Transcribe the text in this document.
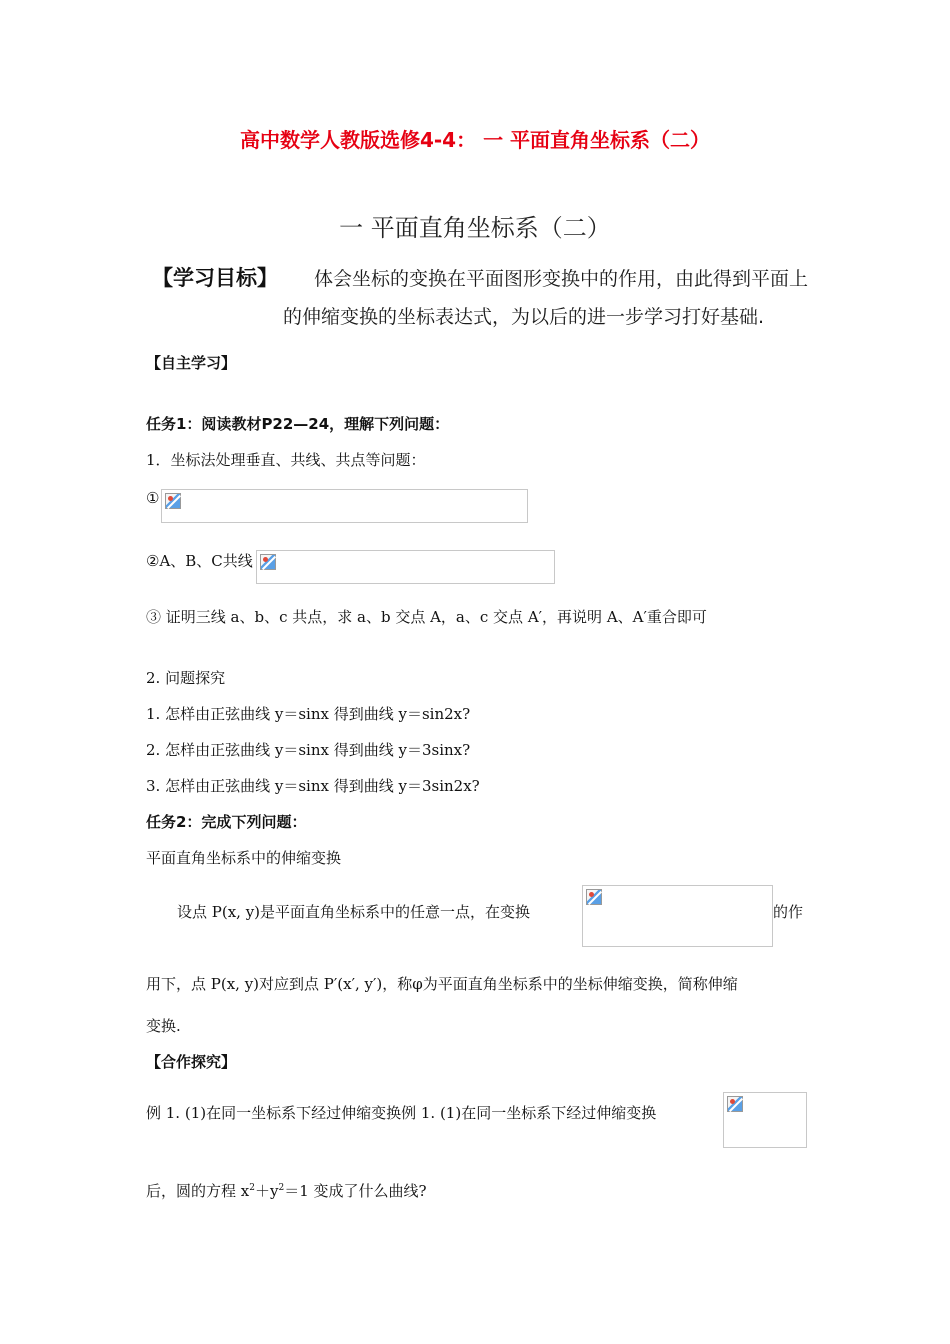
高中数学人教版选修4-4： 一 平面直角坐标系（二）
一 平面直角坐标系（二）
【学习目标】 体会坐标的变换在平面图形变换中的作用，由此得到平面上
的伸缩变换的坐标表达式，为以后的进一步学习打好基础.
【自主学习】
任务1：阅读教材P22—24，理解下列问题：
1．坐标法处理垂直、共线、共点等问题：
①
②A、B、C共线
③ 证明三线 a、b、c 共点，求 a、b 交点 A，a、c 交点 A′，再说明 A、A′重合即可
2. 问题探究
1. 怎样由正弦曲线 y＝sinx 得到曲线 y＝sin2x?
2. 怎样由正弦曲线 y＝sinx 得到曲线 y＝3sinx?
3. 怎样由正弦曲线 y＝sinx 得到曲线 y＝3sin2x?
任务2：完成下列问题：
平面直角坐标系中的伸缩变换
设点 P(x, y)是平面直角坐标系中的任意一点，在变换	的作
用下，点 P(x, y)对应到点 P′(x′, y′)，称φ为平面直角坐标系中的坐标伸缩变换，简称伸缩
变换.
【合作探究】
例 1. (1)在同一坐标系下经过伸缩变换例 1. (1)在同一坐标系下经过伸缩变换
后，圆的方程 $x^2+y^2=1$ 变成了什么曲线?
